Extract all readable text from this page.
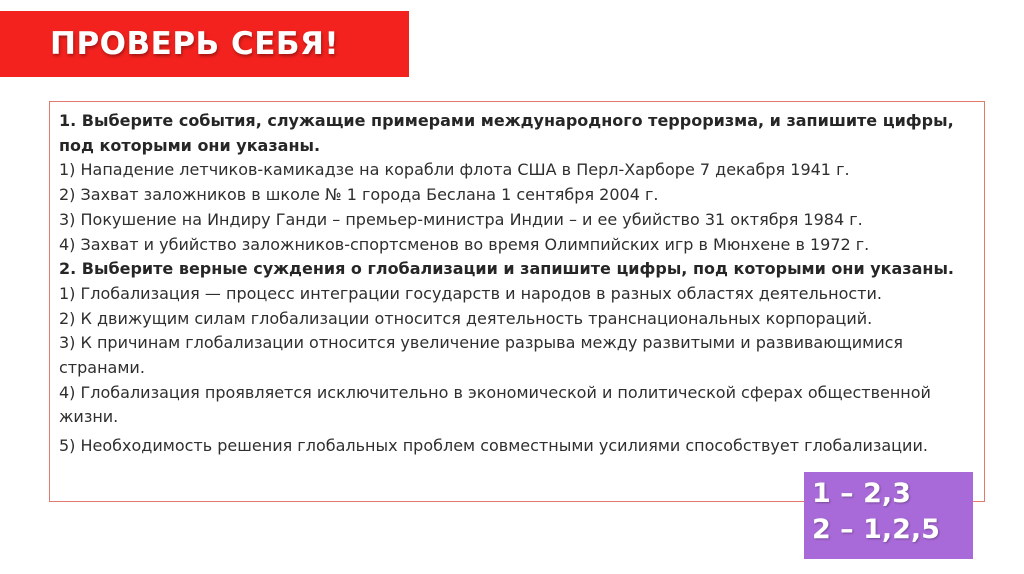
ПРОВЕРЬ СЕБЯ!
1. Выберите события, служащие примерами международного терроризма, и запишите цифры, под которыми они указаны.
1) Нападение летчиков-камикадзе на корабли флота США в Перл-Харборе 7 декабря 1941 г.
2) Захват заложников в школе № 1 города Беслана 1 сентября 2004 г.
3) Покушение на Индиру Ганди – премьер-министра Индии – и ее убийство 31 октября 1984 г.
4) Захват и убийство заложников-спортсменов во время Олимпийских игр в Мюнхене в 1972 г.
2. Выберите верные суждения о глобализации и запишите цифры, под которыми они указаны.
1) Глобализация — процесс интеграции государств и народов в разных областях деятельности.
2) К движущим силам глобализации относится деятельность транснациональных корпораций.
3) К причинам глобализации относится увеличение разрыва между развитыми и развивающимися странами.
4) Глобализация проявляется исключительно в экономической и политической сферах общественной жизни.
5) Необходимость решения глобальных проблем совместными усилиями способствует глобализации.
1 – 2,3
2 – 1,2,5
